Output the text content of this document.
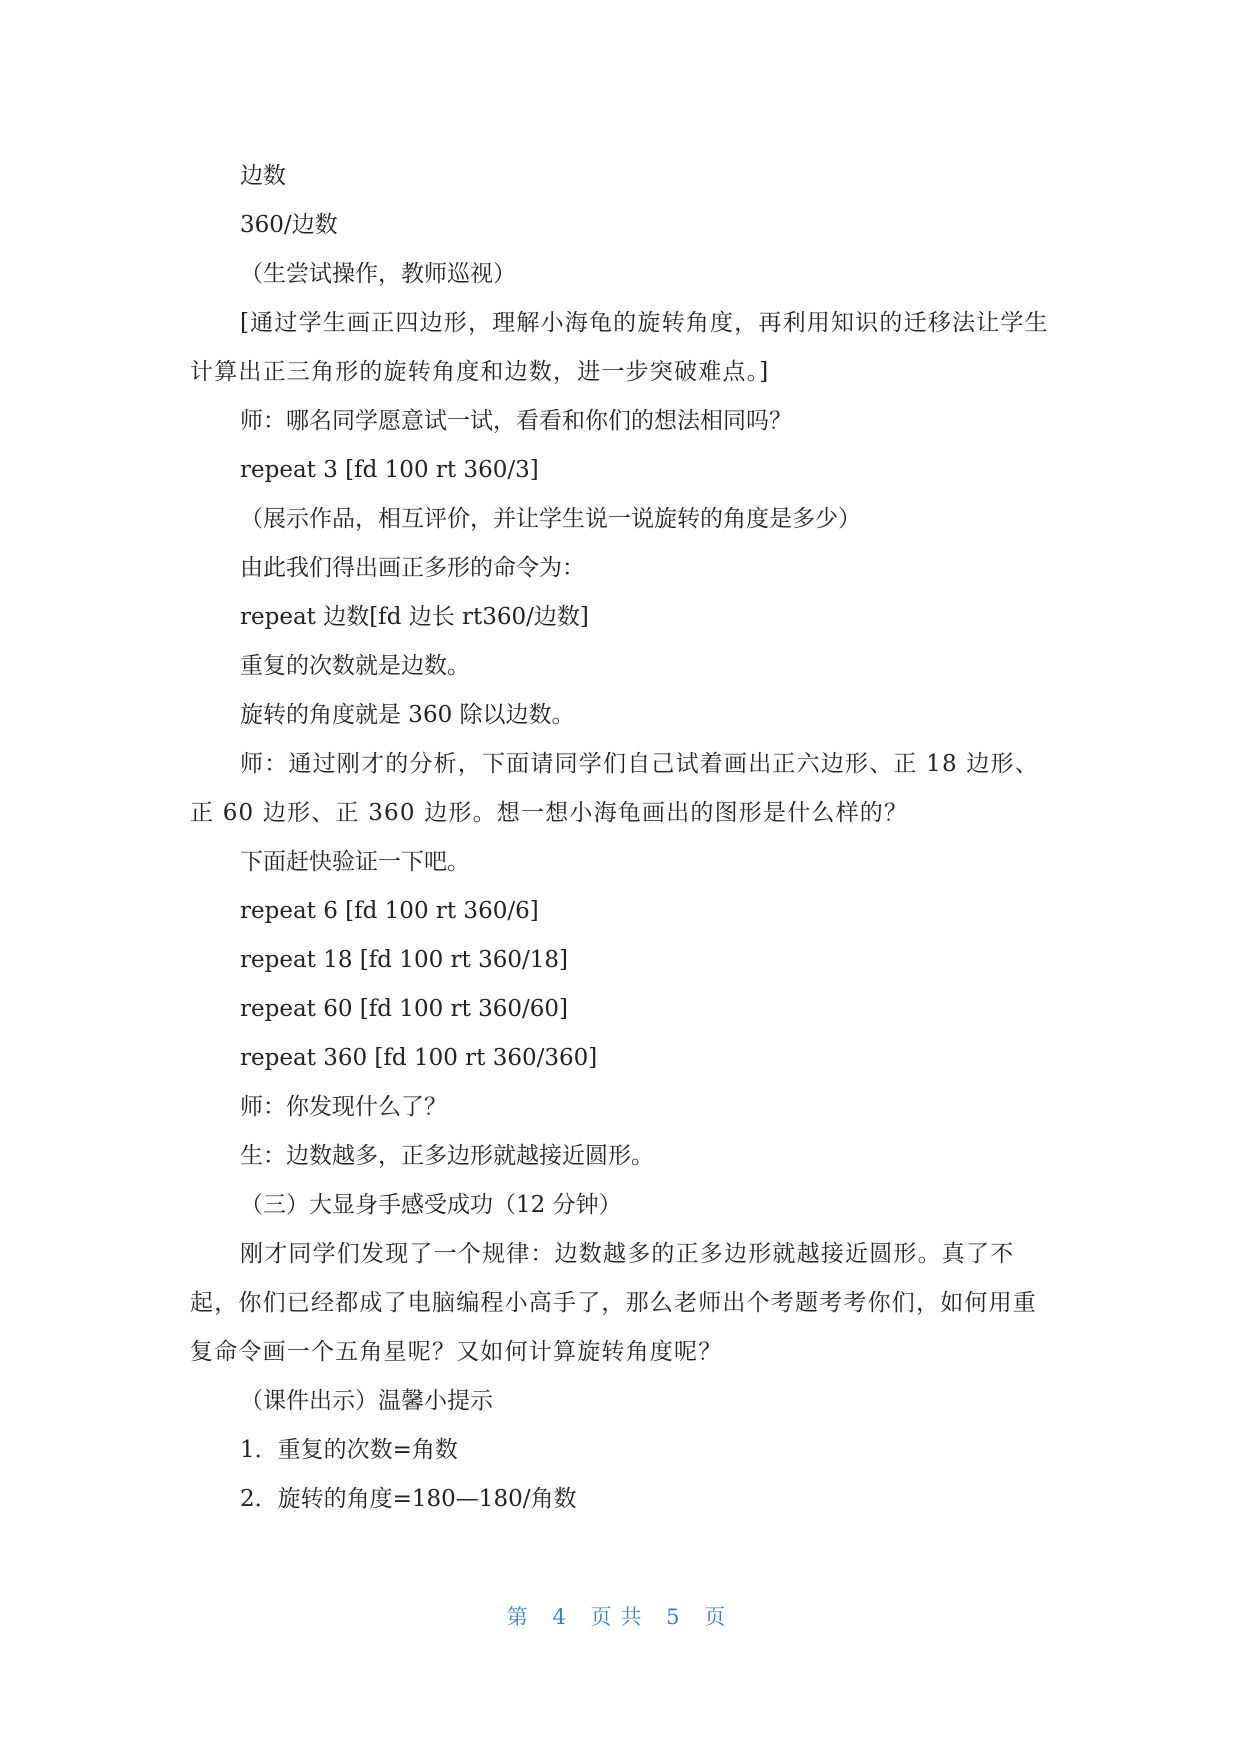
边数

360/边数

（生尝试操作，教师巡视）

[通过学生画正四边形，理解小海龟的旋转角度，再利用知识的迁移法让学生计算出正三角形的旋转角度和边数，进一步突破难点。]

师：哪名同学愿意试一试，看看和你们的想法相同吗？

repeat 3 [fd 100 rt 360/3]

（展示作品，相互评价，并让学生说一说旋转的角度是多少）

由此我们得出画正多形的命令为：

repeat 边数[fd 边长 rt360/边数]

重复的次数就是边数。

旋转的角度就是 360 除以边数。

师：通过刚才的分析，下面请同学们自己试着画出正六边形、正 18 边形、正 60 边形、正 360 边形。想一想小海龟画出的图形是什么样的？

下面赶快验证一下吧。

repeat 6 [fd 100 rt 360/6]

repeat 18 [fd 100 rt 360/18]

repeat 60 [fd 100 rt 360/60]

repeat 360 [fd 100 rt 360/360]

师：你发现什么了？

生：边数越多，正多边形就越接近圆形。

（三）大显身手感受成功（12 分钟）

刚才同学们发现了一个规律：边数越多的正多边形就越接近圆形。真了不起，你们已经都成了电脑编程小高手了，那么老师出个考题考考你们，如何用重复命令画一个五角星呢？又如何计算旋转角度呢？

（课件出示）温馨小提示

1．重复的次数=角数

2．旋转的角度=180—180/角数

第 4 页共 5 页
